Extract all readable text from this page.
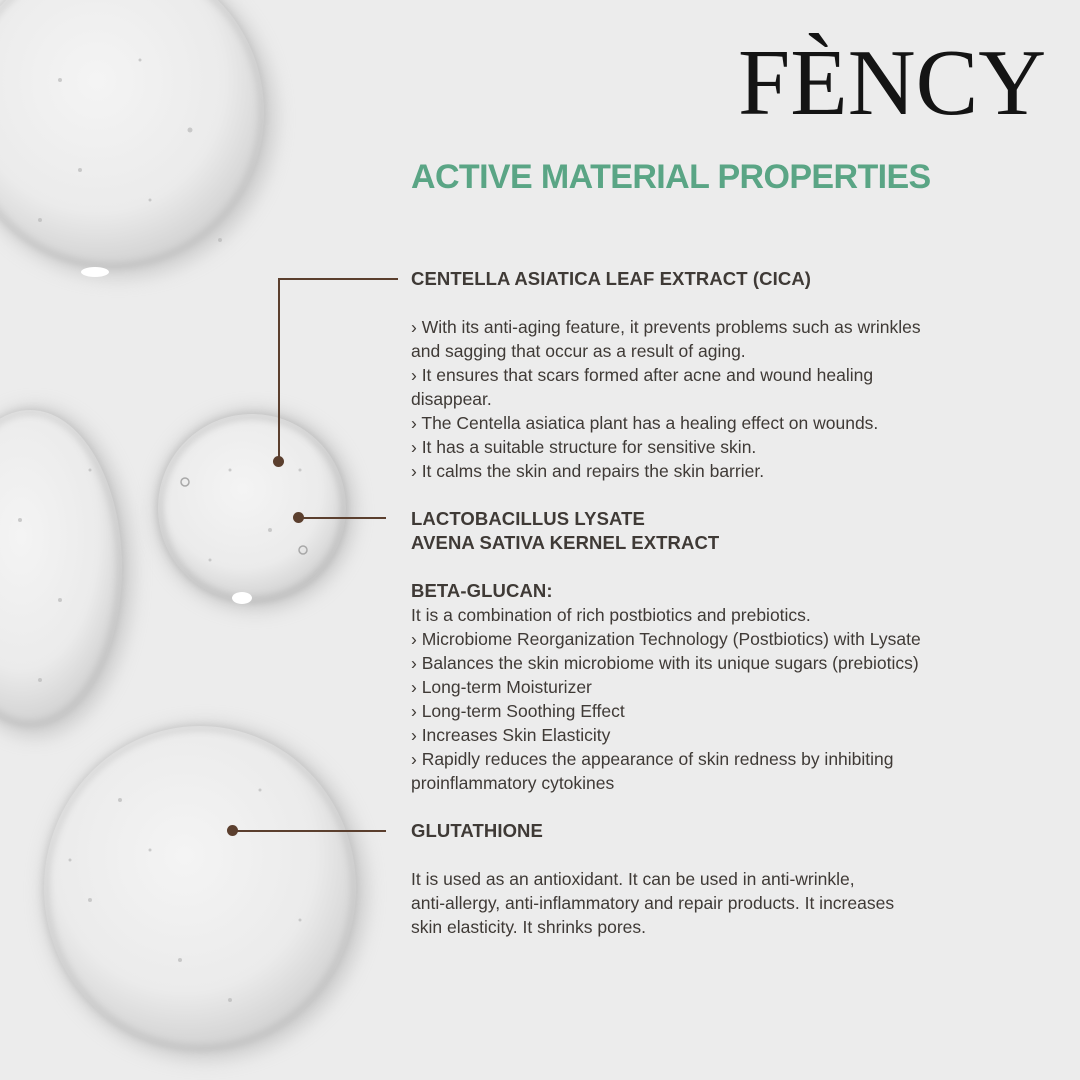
FÈNCY
ACTIVE MATERIAL PROPERTIES
CENTELLA ASIATICA LEAF EXTRACT (CICA)
› With its anti-aging feature, it prevents problems such as wrinkles
and sagging that occur as a result of aging.
› It ensures that scars formed after acne and wound healing
disappear.
› The Centella asiatica plant has a healing effect on wounds.
› It has a suitable structure for sensitive skin.
› It calms the skin and repairs the skin barrier.
LACTOBACILLUS LYSATE
AVENA SATIVA KERNEL EXTRACT
BETA-GLUCAN:
It is a combination of rich postbiotics and prebiotics.
› Microbiome Reorganization Technology (Postbiotics) with Lysate
› Balances the skin microbiome with its unique sugars (prebiotics)
› Long-term Moisturizer
› Long-term Soothing Effect
› Increases Skin Elasticity
› Rapidly reduces the appearance of skin redness by inhibiting
proinflammatory cytokines
GLUTATHIONE
It is used as an antioxidant. It can be used in anti-wrinkle,
anti-allergy, anti-inflammatory and repair products. It increases
skin elasticity. It shrinks pores.
